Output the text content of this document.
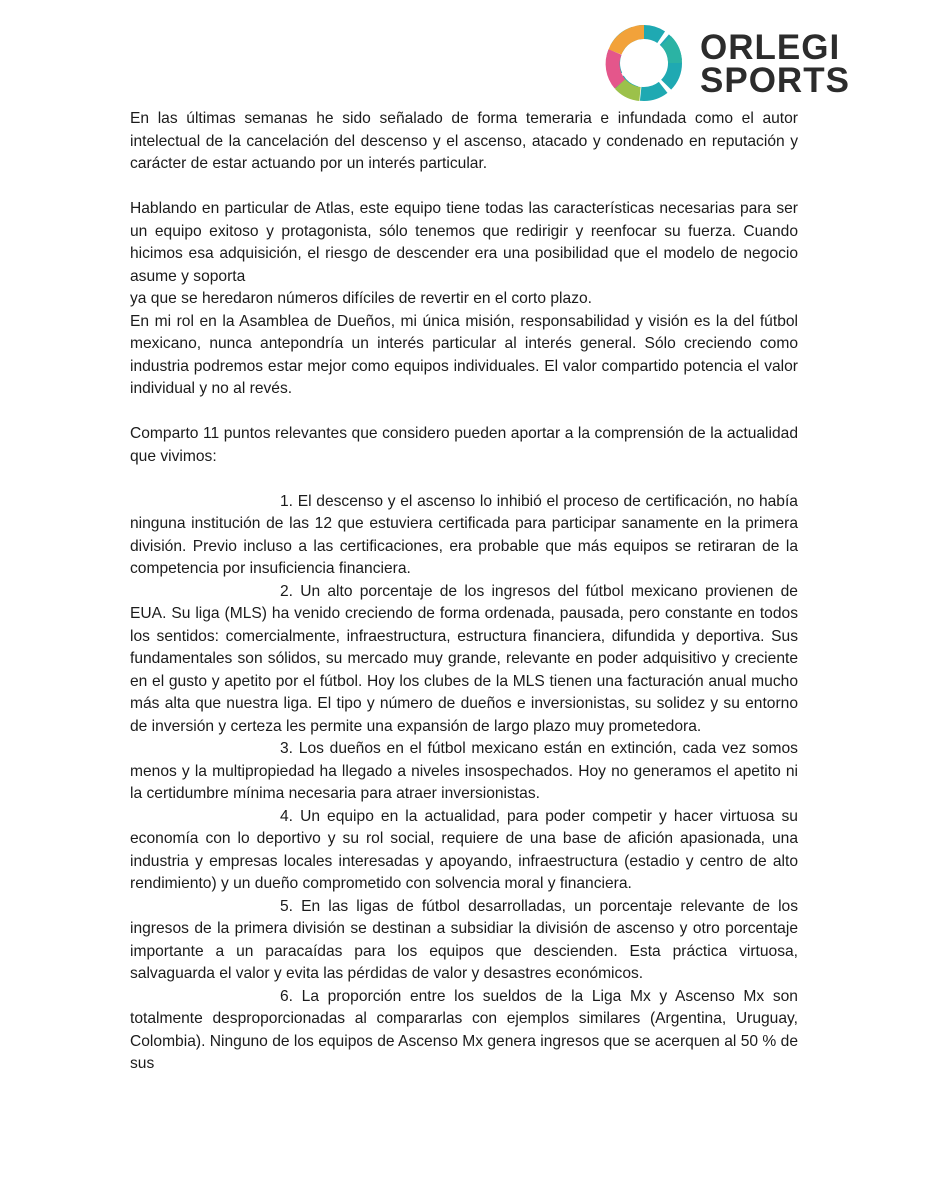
ORLEGI
SPORTS

En las últimas semanas he sido señalado de forma temeraria e infundada como el autor intelectual de la cancelación del descenso y el ascenso, atacado y condenado en reputación y carácter de estar actuando por un interés particular.

Hablando en particular de Atlas, este equipo tiene todas las características necesarias para ser un equipo exitoso y protagonista, sólo tenemos que redirigir y reenfocar su fuerza. Cuando hicimos esa adquisición, el riesgo de descender era una posibilidad que el modelo de negocio asume y soporta

ya que se heredaron números difíciles de revertir en el corto plazo.

En mi rol en la Asamblea de Dueños, mi única misión, responsabilidad y visión es la del fútbol mexicano, nunca antepondría un interés particular al interés general. Sólo creciendo como industria podremos estar mejor como equipos individuales. El valor compartido potencia el valor individual y no al revés.

Comparto 11 puntos relevantes que considero pueden aportar a la comprensión de la actualidad que vivimos:

1. El descenso y el ascenso lo inhibió el proceso de certificación, no había ninguna institución de las 12 que estuviera certificada para participar sanamente en la primera división. Previo incluso a las certificaciones, era probable que más equipos se retiraran de la competencia por insuficiencia financiera.

2. Un alto porcentaje de los ingresos del fútbol mexicano provienen de EUA. Su liga (MLS) ha venido creciendo de forma ordenada, pausada, pero constante en todos los sentidos: comercialmente, infraestructura, estructura financiera, difundida y deportiva. Sus fundamentales son sólidos, su mercado muy grande, relevante en poder adquisitivo y creciente en el gusto y apetito por el fútbol. Hoy los clubes de la MLS tienen una facturación anual mucho más alta que nuestra liga. El tipo y número de dueños e inversionistas, su solidez y su entorno de inversión y certeza les permite una expansión de largo plazo muy prometedora.

3. Los dueños en el fútbol mexicano están en extinción, cada vez somos menos y la multipropiedad ha llegado a niveles insospechados. Hoy no generamos el apetito ni la certidumbre mínima necesaria para atraer inversionistas.

4. Un equipo en la actualidad, para poder competir y hacer virtuosa su economía con lo deportivo y su rol social, requiere de una base de afición apasionada, una industria y empresas locales interesadas y apoyando, infraestructura (estadio y centro de alto rendimiento) y un dueño comprometido con solvencia moral y financiera.

5. En las ligas de fútbol desarrolladas, un porcentaje relevante de los ingresos de la primera división se destinan a subsidiar la división de ascenso y otro porcentaje importante a un paracaídas para los equipos que descienden. Esta práctica virtuosa, salvaguarda el valor y evita las pérdidas de valor y desastres económicos.

6. La proporción entre los sueldos de la Liga Mx y Ascenso Mx son totalmente desproporcionadas al compararlas con ejemplos similares (Argentina, Uruguay, Colombia). Ninguno de los equipos de Ascenso Mx genera ingresos que se acerquen al 50 % de sus
